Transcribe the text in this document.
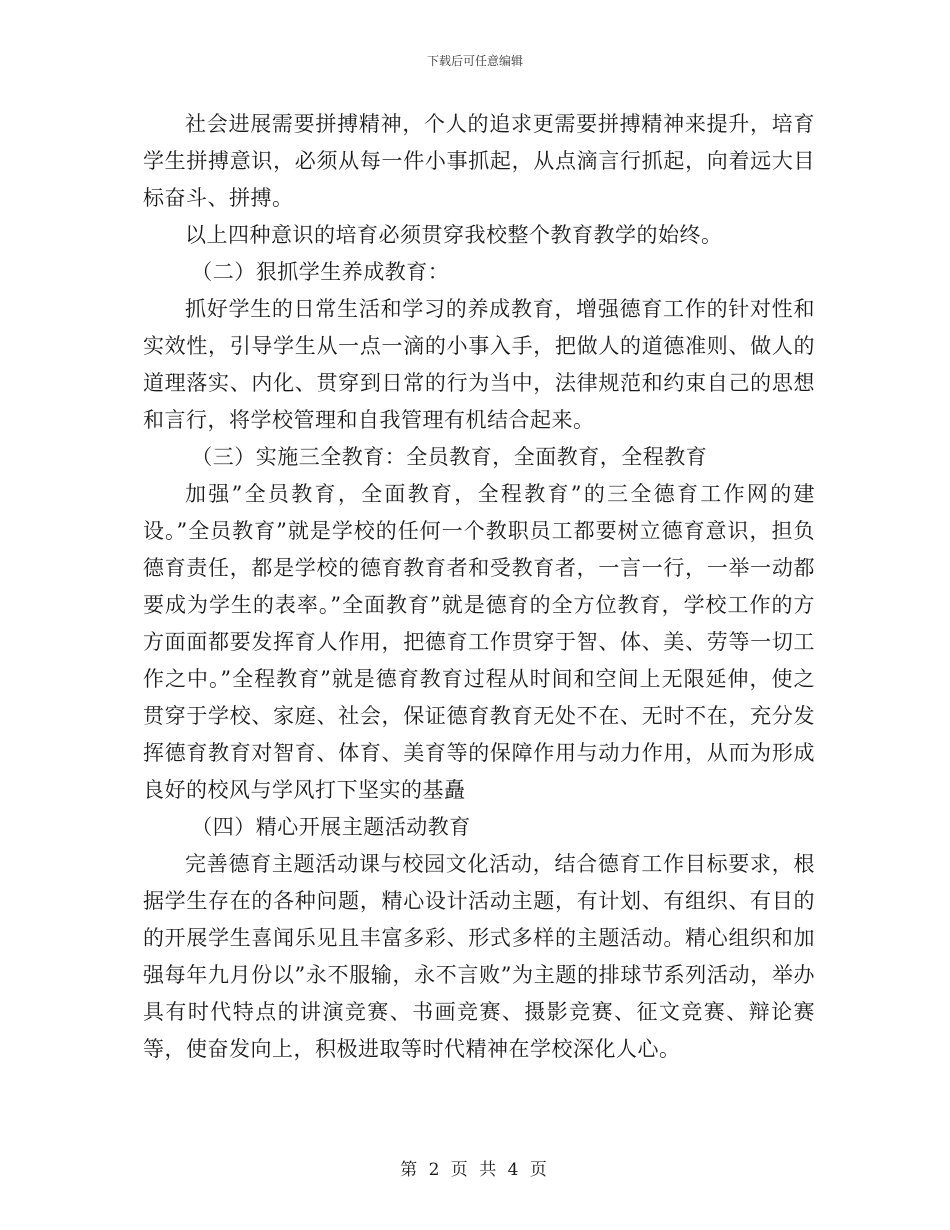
下载后可任意编辑

社会进展需要拼搏精神，个人的追求更需要拼搏精神来提升，培育学生拼搏意识，必须从每一件小事抓起，从点滴言行抓起，向着远大目标奋斗、拼搏。

以上四种意识的培育必须贯穿我校整个教育教学的始终。

（二）狠抓学生养成教育：

抓好学生的日常生活和学习的养成教育，增强德育工作的针对性和实效性，引导学生从一点一滴的小事入手，把做人的道德准则、做人的道理落实、内化、贯穿到日常的行为当中，法律规范和约束自己的思想和言行，将学校管理和自我管理有机结合起来。

（三）实施三全教育：全员教育，全面教育，全程教育

加强”全员教育，全面教育，全程教育”的三全德育工作网的建设。”全员教育”就是学校的任何一个教职员工都要树立德育意识，担负德育责任，都是学校的德育教育者和受教育者，一言一行，一举一动都要成为学生的表率。”全面教育”就是德育的全方位教育，学校工作的方方面面都要发挥育人作用，把德育工作贯穿于智、体、美、劳等一切工作之中。”全程教育”就是德育教育过程从时间和空间上无限延伸，使之贯穿于学校、家庭、社会，保证德育教育无处不在、无时不在，充分发挥德育教育对智育、体育、美育等的保障作用与动力作用，从而为形成良好的校风与学风打下坚实的基矗

（四）精心开展主题活动教育

完善德育主题活动课与校园文化活动，结合德育工作目标要求，根据学生存在的各种问题，精心设计活动主题，有计划、有组织、有目的的开展学生喜闻乐见且丰富多彩、形式多样的主题活动。精心组织和加强每年九月份以”永不服输，永不言败”为主题的排球节系列活动，举办具有时代特点的讲演竞赛、书画竞赛、摄影竞赛、征文竞赛、辩论赛等，使奋发向上，积极进取等时代精神在学校深化人心。

第 2 页 共 4 页
